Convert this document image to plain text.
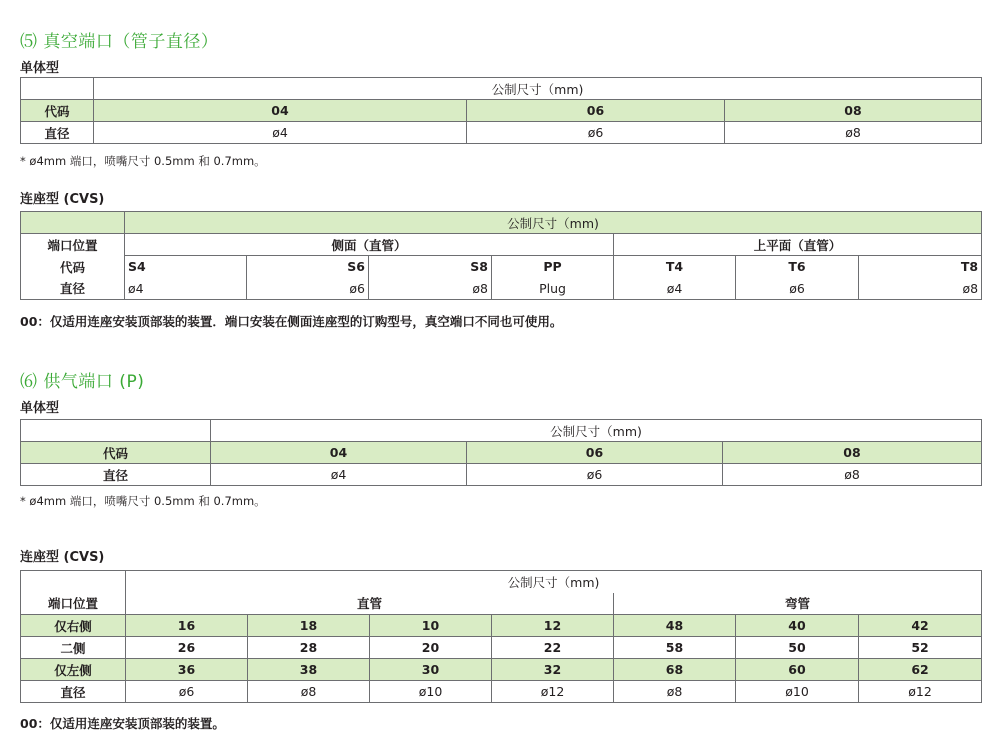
⑸ 真空端口（管子直径）
单体型
	公制尺寸（mm)		
代码	04	06	08
直径	ø4	ø6	ø8
* ø4mm 端口，喷嘴尺寸 0.5mm 和 0.7mm。
连座型 (CVS)
	公制尺寸（mm)						
端口位置	侧面（直管）				上平面（直管）		
代码	S4	S6	S8	PP	T4	T6	T8
直径	ø4	ø6	ø8	Plug	ø4	ø6	ø8
00：仅适用连座安装顶部装的装置．端口安装在侧面连座型的订购型号，真空端口不同也可使用。
⑹ 供气端口 (P)
单体型
	公制尺寸（mm)		
代码	04	06	08
直径	ø4	ø6	ø8
* ø4mm 端口，喷嘴尺寸 0.5mm 和 0.7mm。
连座型 (CVS)
	公制尺寸（mm)						
端口位置	直管				弯管		
仅右侧	16	18	10	12	48	40	42
二侧	26	28	20	22	58	50	52
仅左侧	36	38	30	32	68	60	62
直径	ø6	ø8	ø10	ø12	ø8	ø10	ø12
00：仅适用连座安装顶部装的装置。
